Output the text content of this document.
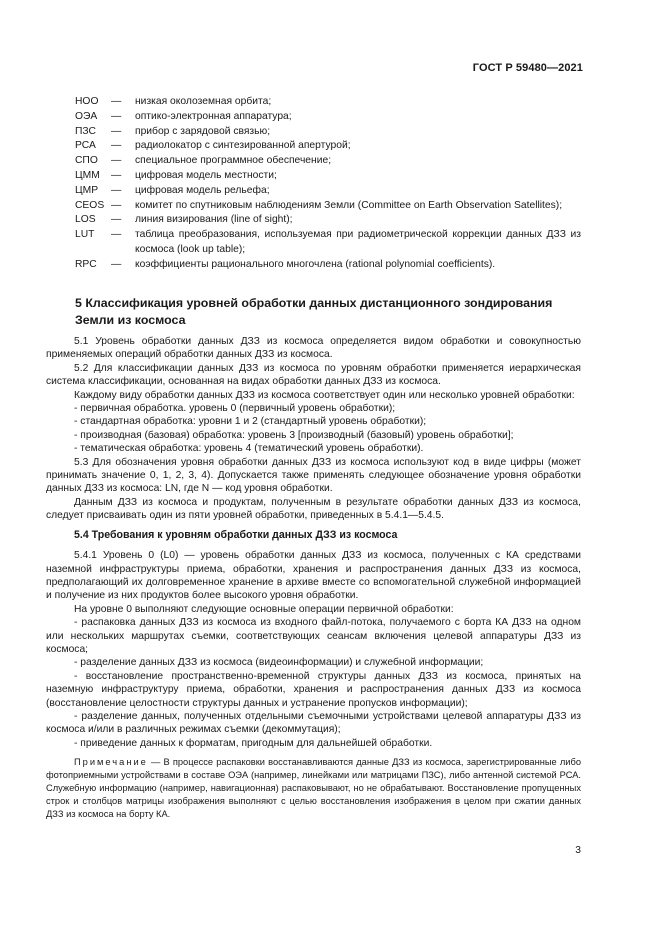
ГОСТ Р 59480—2021
НОО	—	низкая околоземная орбита;
ОЭА	—	оптико-электронная аппаратура;
ПЗС	—	прибор с зарядовой связью;
РСА	—	радиолокатор с синтезированной апертурой;
СПО	—	специальное программное обеспечение;
ЦММ	—	цифровая модель местности;
ЦМР	—	цифровая модель рельефа;
CEOS —	комитет по спутниковым наблюдениям Земли (Committee on Earth Observation Satellites);
LOS	—	линия визирования (line of sight);
LUT	—	таблица преобразования, используемая при радиометрической коррекции данных ДЗЗ из космоса (look up table);
RPC	—	коэффициенты рационального многочлена (rational polynomial coefficients).
5 Классификация уровней обработки данных дистанционного зондирования Земли из космоса

5.1 Уровень обработки данных ДЗЗ из космоса определяется видом обработки и совокупностью применяемых операций обработки данных ДЗЗ из космоса.

5.2 Для классификации данных ДЗЗ из космоса по уровням обработки применяется иерархическая система классификации, основанная на видах обработки данных ДЗЗ из космоса.

Каждому виду обработки данных ДЗЗ из космоса соответствует один или несколько уровней обработки:

- первичная обработка. уровень 0 (первичный уровень обработки);

- стандартная обработка: уровни 1 и 2 (стандартный уровень обработки);

- производная (базовая) обработка: уровень 3 [производный (базовый) уровень обработки];

- тематическая обработка: уровень 4 (тематический уровень обработки).

5.3 Для обозначения уровня обработки данных ДЗЗ из космоса используют код в виде цифры (может принимать значение 0, 1, 2, 3, 4). Допускается также применять следующее обозначение уровня обработки данных ДЗЗ из космоса: LN, где N — код уровня обработки.

Данным ДЗЗ из космоса и продуктам, полученным в результате обработки данных ДЗЗ из космоса, следует присваивать один из пяти уровней обработки, приведенных в 5.4.1—5.4.5.

5.4 Требования к уровням обработки данных ДЗЗ из космоса

5.4.1 Уровень 0 (L0) — уровень обработки данных ДЗЗ из космоса, полученных с КА средствами наземной инфраструктуры приема, обработки, хранения и распространения данных ДЗЗ из космоса, предполагающий их долговременное хранение в архиве вместе со вспомогательной служебной информацией и получение из них продуктов более высокого уровня обработки.

На уровне 0 выполняют следующие основные операции первичной обработки:

- распаковка данных ДЗЗ из космоса из входного файл-потока, получаемого с борта КА ДЗЗ на одном или нескольких маршрутах съемки, соответствующих сеансам включения целевой аппаратуры ДЗЗ из космоса;

- разделение данных ДЗЗ из космоса (видеоинформации) и служебной информации;

- восстановление пространственно-временной структуры данных ДЗЗ из космоса, принятых на наземную инфраструктуру приема, обработки, хранения и распространения данных ДЗЗ из космоса (восстановление целостности структуры данных и устранение пропусков информации);

- разделение данных, полученных отдельными съемочными устройствами целевой аппаратуры ДЗЗ из космоса и/или в различных режимах съемки (декоммутация);

- приведение данных к форматам, пригодным для дальнейшей обработки.

Примечание — В процессе распаковки восстанавливаются данные ДЗЗ из космоса, зарегистрированные либо фотоприемными устройствами в составе ОЭА (например, линейками или матрицами ПЗС), либо антенной системой РСА. Служебную информацию (например, навигационная) распаковывают, но не обрабатывают. Восстановление пропущенных строк и столбцов матрицы изображения выполняют с целью восстановления изображения в целом при сжатии данных ДЗЗ из космоса на борту КА.
3
